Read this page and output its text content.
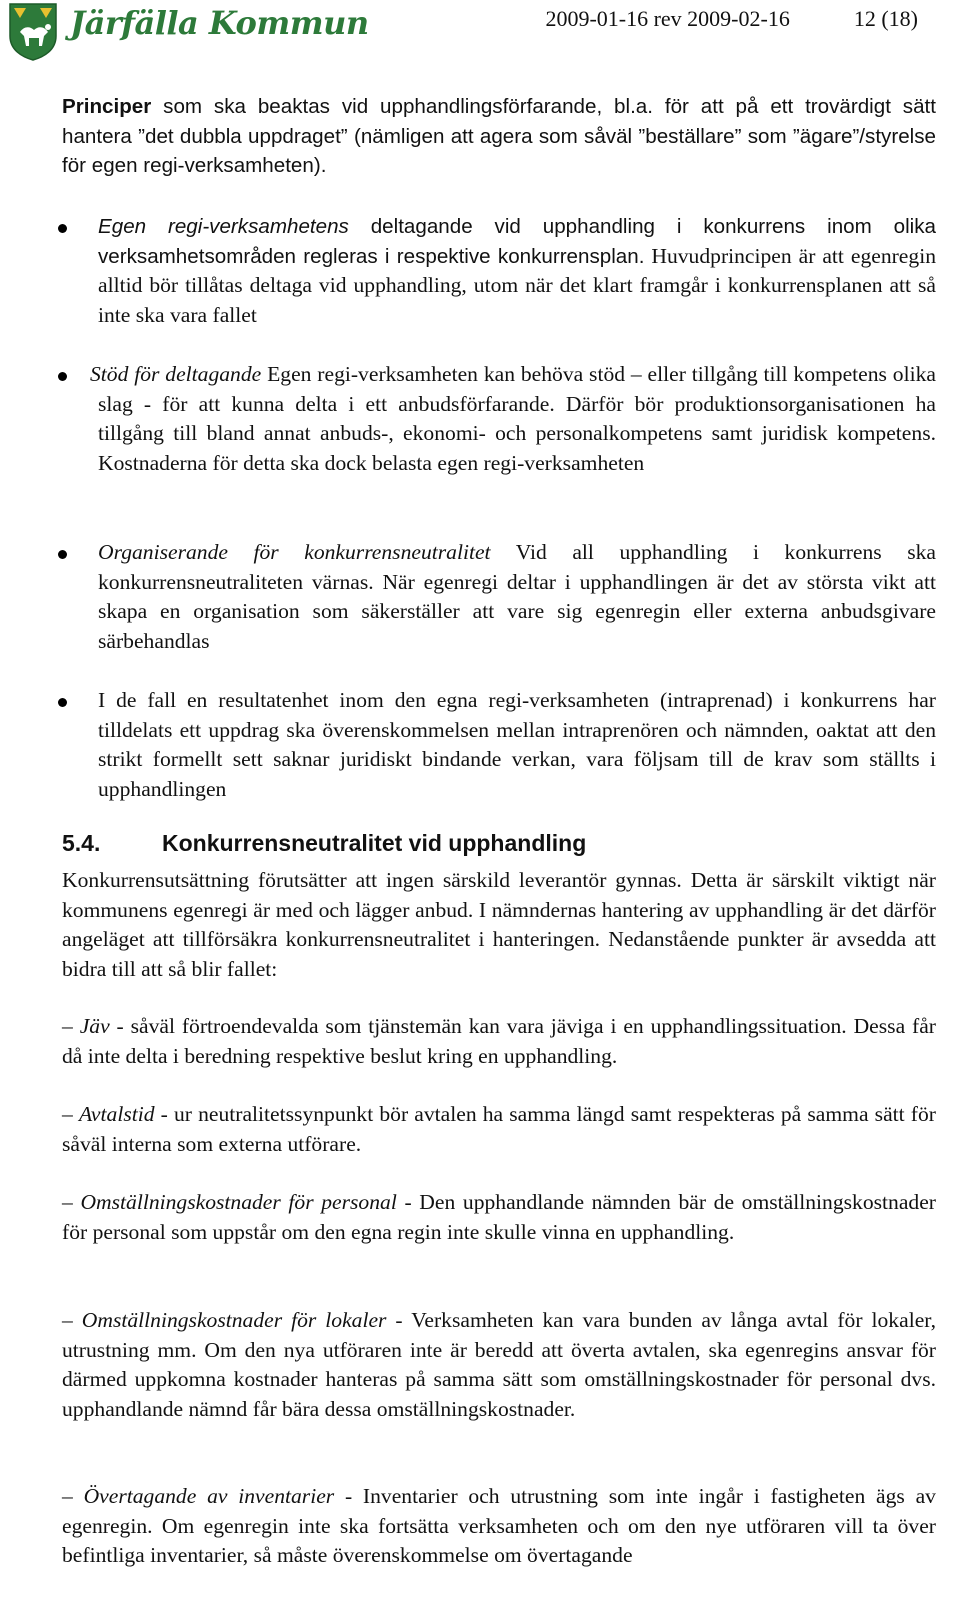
Järfälla Kommun	2009-01-16 rev 2009-02-16	12 (18)

Principer som ska beaktas vid upphandlingsförfarande, bl.a. för att på ett trovärdigt sätt hantera ”det dubbla uppdraget” (nämligen att agera som såväl ”beställare” som ”ägare”/styrelse för egen regi-verksamheten).

Egen regi-verksamhetens deltagande vid upphandling i konkurrens inom olika verksamhetsområden regleras i respektive konkurrensplan. Huvudprincipen är att egenregin alltid bör tillåtas deltaga vid upphandling, utom när det klart framgår i konkurrensplanen att så inte ska vara fallet

Stöd för deltagande Egen regi-verksamheten kan behöva stöd – eller tillgång till kompetens olika slag - för att kunna delta i ett anbudsförfarande. Därför bör produktionsorganisationen ha tillgång till bland annat anbuds-, ekonomi- och personalkompetens samt juridisk kompetens. Kostnaderna för detta ska dock belasta egen regi-verksamheten

Organiserande för konkurrensneutralitet Vid all upphandling i konkurrens ska konkurrensneutraliteten värnas. När egenregi deltar i upphandlingen är det av största vikt att skapa en organisation som säkerställer att vare sig egenregin eller externa anbudsgivare särbehandlas

I de fall en resultatenhet inom den egna regi-verksamheten (intraprenad) i konkurrens har tilldelats ett uppdrag ska överenskommelsen mellan intraprenören och nämnden, oaktat att den strikt formellt sett saknar juridiskt bindande verkan, vara följsam till de krav som ställts i upphandlingen

5.4.	Konkurrensneutralitet vid upphandling

Konkurrensutsättning förutsätter att ingen särskild leverantör gynnas. Detta är särskilt viktigt när kommunens egenregi är med och lägger anbud. I nämndernas hantering av upphandling är det därför angeläget att tillförsäkra konkurrensneutralitet i hanteringen. Nedanstående punkter är avsedda att bidra till att så blir fallet:

– Jäv - såväl förtroendevalda som tjänstemän kan vara jäviga i en upphandlingssituation. Dessa får då inte delta i beredning respektive beslut kring en upphandling.

– Avtalstid - ur neutralitetssynpunkt bör avtalen ha samma längd samt respekteras på samma sätt för såväl interna som externa utförare.

– Omställningskostnader för personal - Den upphandlande nämnden bär de omställningskostnader för personal som uppstår om den egna regin inte skulle vinna en upphandling.

– Omställningskostnader för lokaler - Verksamheten kan vara bunden av långa avtal för lokaler, utrustning mm. Om den nya utföraren inte är beredd att överta avtalen, ska egenregins ansvar för därmed uppkomna kostnader hanteras på samma sätt som omställningskostnader för personal dvs. upphandlande nämnd får bära dessa omställningskostnader.

– Övertagande av inventarier - Inventarier och utrustning som inte ingår i fastigheten ägs av egenregin. Om egenregin inte ska fortsätta verksamheten och om den nye utföraren vill ta över befintliga inventarier, så måste överenskommelse om övertagande
